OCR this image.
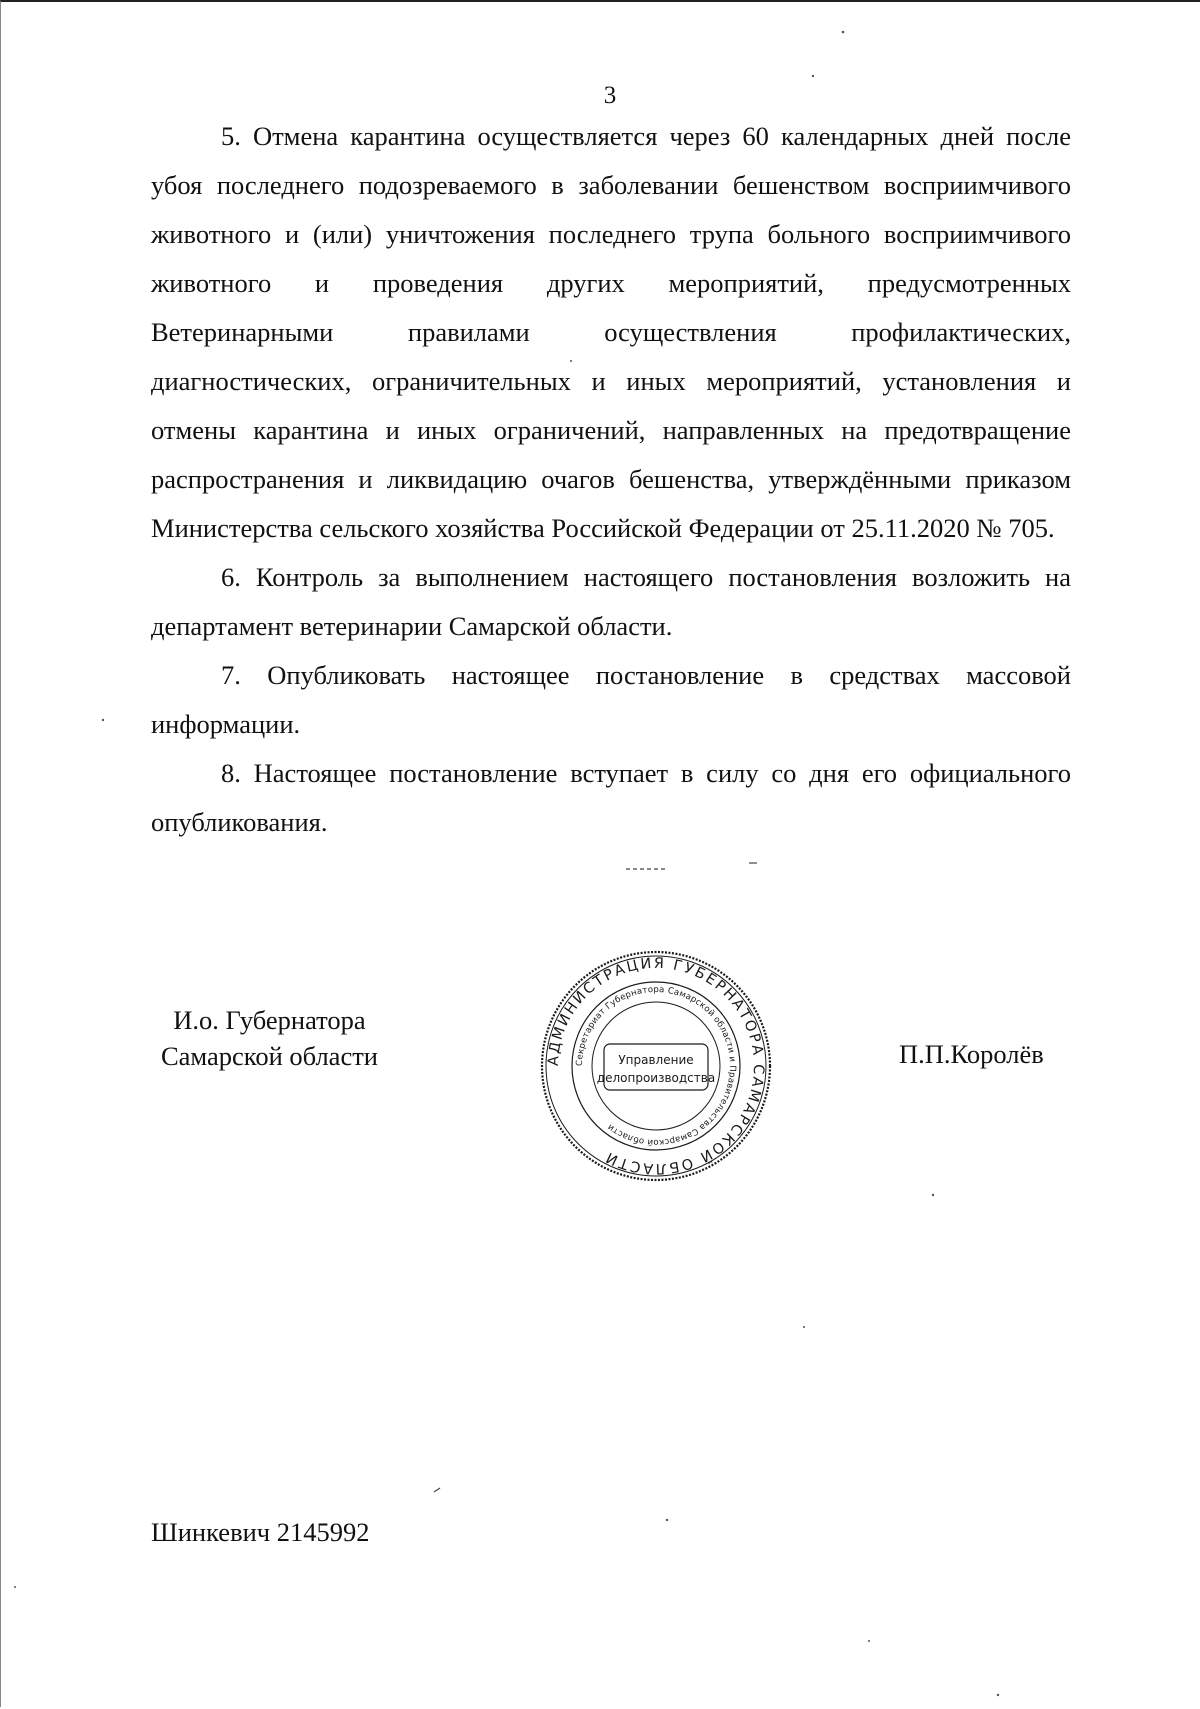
3

5. Отмена карантина осуществляется через 60 календарных дней после убоя последнего подозреваемого в заболевании бешенством восприимчивого животного и (или) уничтожения последнего трупа больного восприимчивого животного и проведения других мероприятий, предусмотренных Ветеринарными правилами осуществления профилактических, диагностических, ограничительных и иных мероприятий, установления и отмены карантина и иных ограничений, направленных на предотвращение распространения и ликвидацию очагов бешенства, утверждёнными приказом Министерства сельского хозяйства Российской Федерации от 25.11.2020 № 705.

6. Контроль за выполнением настоящего постановления возложить на департамент ветеринарии Самарской области.

7. Опубликовать настоящее постановление в средствах массовой информации.

8. Настоящее постановление вступает в силу со дня его официального опубликования.

И.о. Губернатора
Самарской области	АДМИНИСТРАЦИЯ ГУБЕРНАТОРА САМАРСКОЙ ОБЛАСТИ
Секретариат Губернатора Самарской области и Правительства Самарской области
Управление
делопроизводства
П.П.Королёв
Шинкевич 2145992
